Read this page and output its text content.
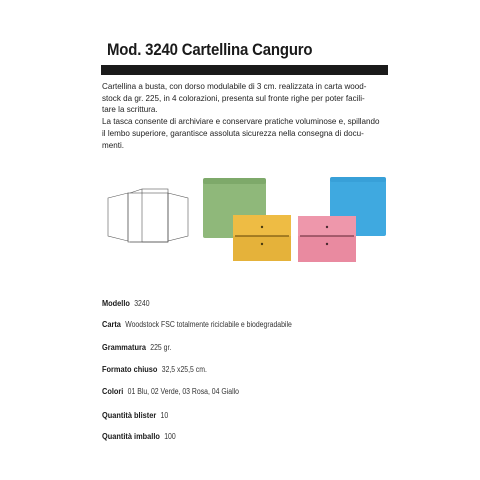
Mod. 3240 Cartellina Canguro

Cartellina a busta, con dorso modulabile di 3 cm. realizzata in carta wood-

stock da gr. 225, in 4 colorazioni, presenta sul fronte righe per poter facili-

tare la scrittura.

La tasca consente di archiviare e conservare pratiche voluminose e, spillando

il lembo superiore, garantisce assoluta sicurezza nella consegna di docu-

menti.

Modello 3240
Carta Woodstock FSC totalmente riciclabile e biodegradabile
Grammatura 225 gr.
Formato chiuso 32,5 x25,5 cm.
Colori 01 Blu, 02 Verde, 03 Rosa, 04 Giallo
Quantità blister 10
Quantità imballo 100
